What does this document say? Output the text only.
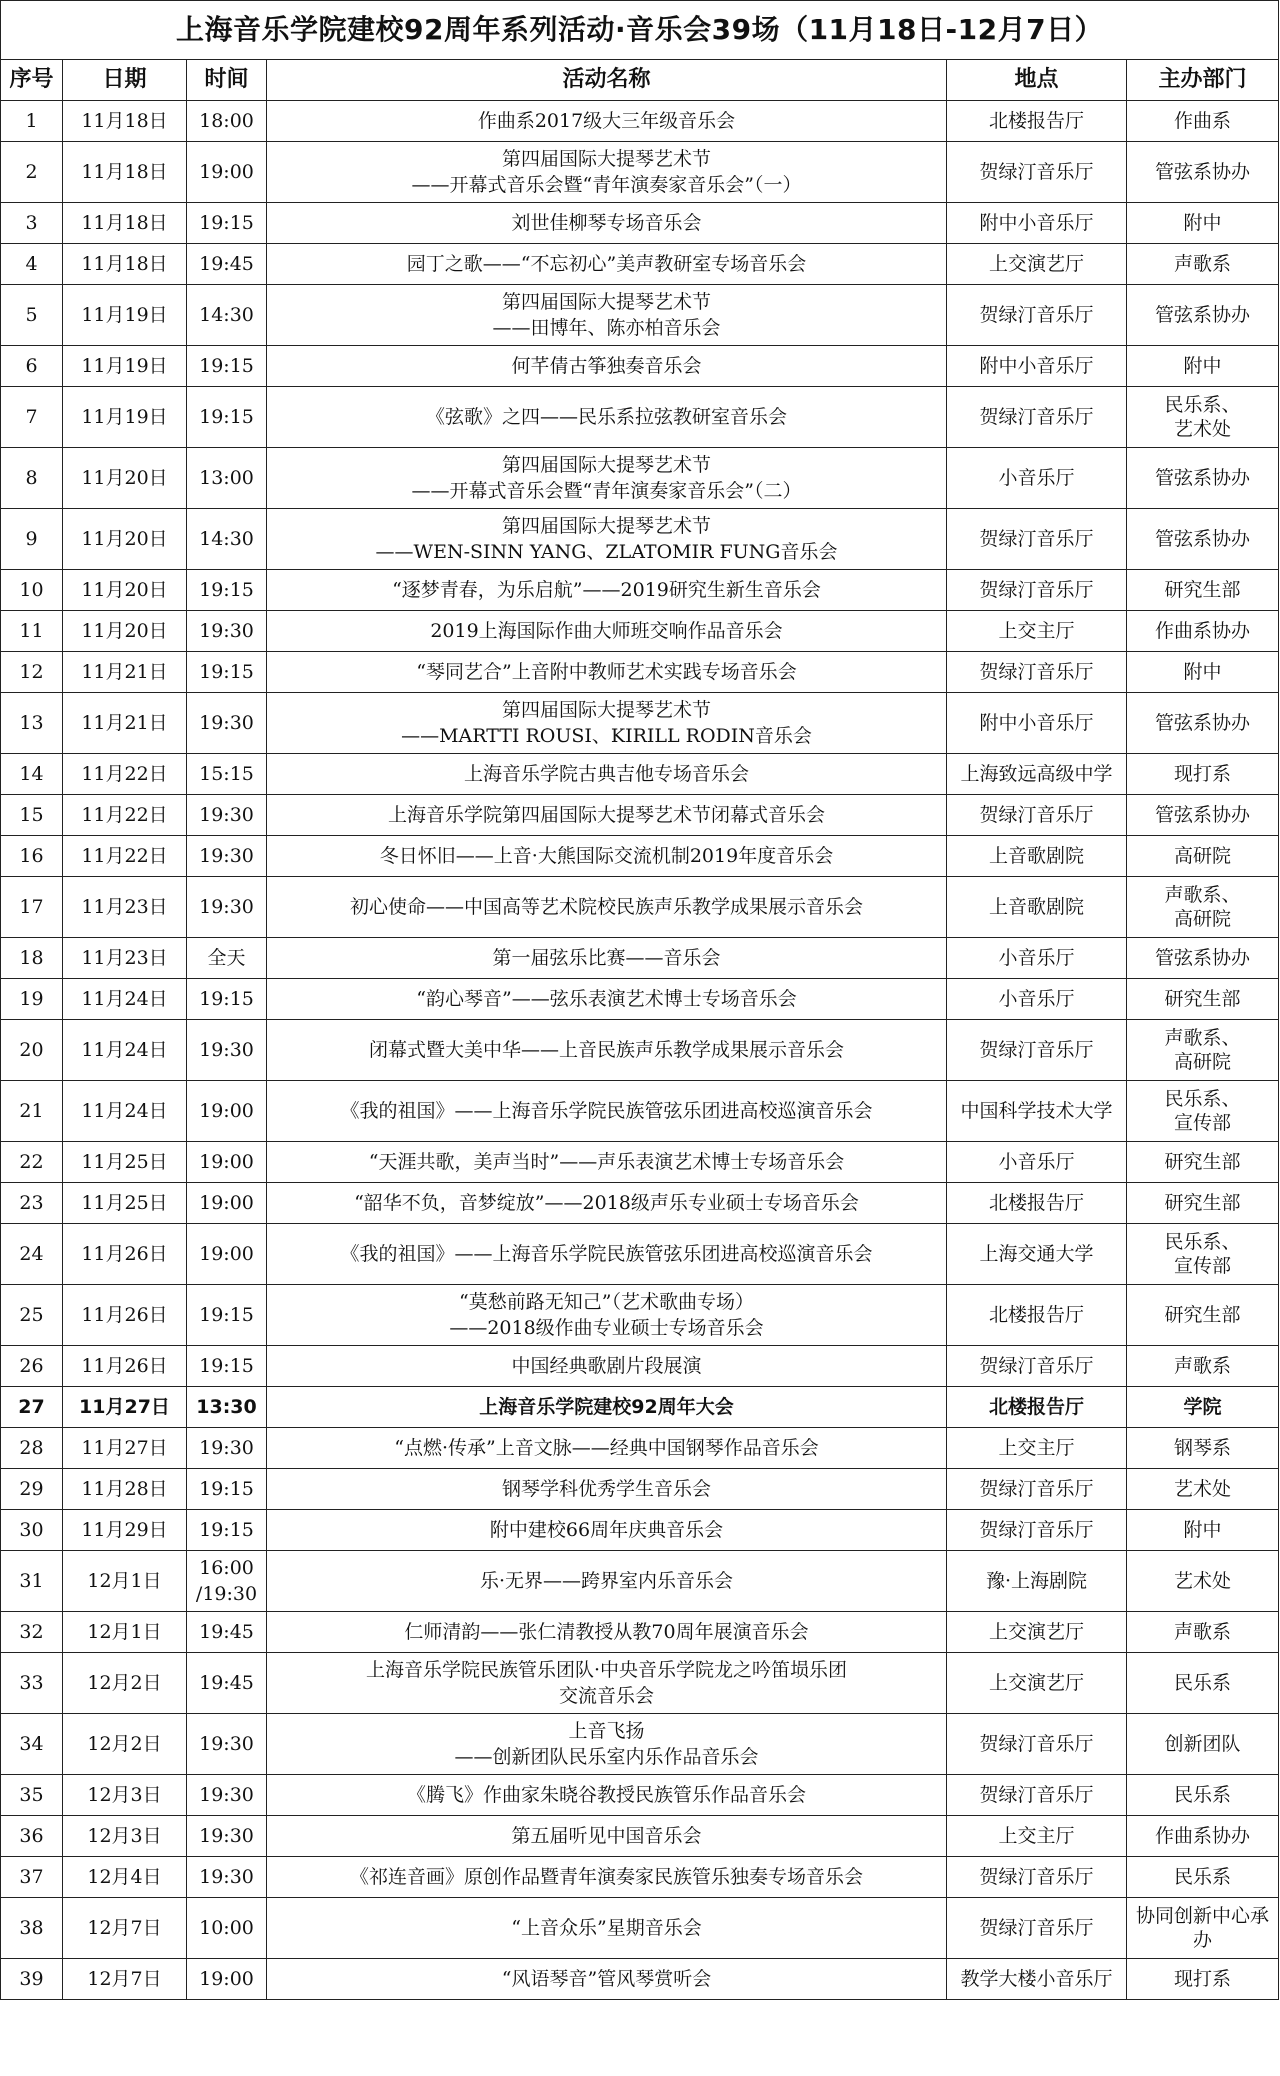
上海音乐学院建校92周年系列活动·音乐会39场（11月18日-12月7日）					
序号	日期	时间	活动名称	地点	主办部门
1	11月18日	18:00	作曲系2017级大三年级音乐会	北楼报告厅	作曲系

2	11月18日	19:00	第四届国际大提琴艺术节
——开幕式音乐会暨“青年演奏家音乐会”（一）	贺绿汀音乐厅	管弦系协办

3	11月18日	19:15	刘世佳柳琴专场音乐会	附中小音乐厅	附中

4	11月18日	19:45	园丁之歌——“不忘初心”美声教研室专场音乐会	上交演艺厅	声歌系

5	11月19日	14:30	第四届国际大提琴艺术节
——田博年、陈亦柏音乐会	贺绿汀音乐厅	管弦系协办

6	11月19日	19:15	何芊倩古筝独奏音乐会	附中小音乐厅	附中

7	11月19日	19:15	《弦歌》之四——民乐系拉弦教研室音乐会	贺绿汀音乐厅	民乐系、
艺术处

8	11月20日	13:00	第四届国际大提琴艺术节
——开幕式音乐会暨“青年演奏家音乐会”（二）	小音乐厅	管弦系协办

9	11月20日	14:30	第四届国际大提琴艺术节
——WEN-SINN YANG、ZLATOMIR FUNG音乐会	贺绿汀音乐厅	管弦系协办

10	11月20日	19:15	“逐梦青春，为乐启航”——2019研究生新生音乐会	贺绿汀音乐厅	研究生部

11	11月20日	19:30	2019上海国际作曲大师班交响作品音乐会	上交主厅	作曲系协办

12	11月21日	19:15	“琴同艺合”上音附中教师艺术实践专场音乐会	贺绿汀音乐厅	附中

13	11月21日	19:30	第四届国际大提琴艺术节
——MARTTI ROUSI、KIRILL RODIN音乐会	附中小音乐厅	管弦系协办

14	11月22日	15:15	上海音乐学院古典吉他专场音乐会	上海致远高级中学	现打系

15	11月22日	19:30	上海音乐学院第四届国际大提琴艺术节闭幕式音乐会	贺绿汀音乐厅	管弦系协办

16	11月22日	19:30	冬日怀旧——上音·大熊国际交流机制2019年度音乐会	上音歌剧院	高研院

17	11月23日	19:30	初心使命——中国高等艺术院校民族声乐教学成果展示音乐会	上音歌剧院	声歌系、
高研院

18	11月23日	全天	第一届弦乐比赛——音乐会	小音乐厅	管弦系协办

19	11月24日	19:15	“韵心琴音”——弦乐表演艺术博士专场音乐会	小音乐厅	研究生部

20	11月24日	19:30	闭幕式暨大美中华——上音民族声乐教学成果展示音乐会	贺绿汀音乐厅	声歌系、
高研院

21	11月24日	19:00	《我的祖国》——上海音乐学院民族管弦乐团进高校巡演音乐会	中国科学技术大学	民乐系、
宣传部

22	11月25日	19:00	“天涯共歌，美声当时”——声乐表演艺术博士专场音乐会	小音乐厅	研究生部

23	11月25日	19:00	“韶华不负，音梦绽放”——2018级声乐专业硕士专场音乐会	北楼报告厅	研究生部

24	11月26日	19:00	《我的祖国》——上海音乐学院民族管弦乐团进高校巡演音乐会	上海交通大学	民乐系、
宣传部

25	11月26日	19:15	“莫愁前路无知己”（艺术歌曲专场）
——2018级作曲专业硕士专场音乐会	北楼报告厅	研究生部

26	11月26日	19:15	中国经典歌剧片段展演	贺绿汀音乐厅	声歌系

27	11月27日	13:30	上海音乐学院建校92周年大会	北楼报告厅	学院

28	11月27日	19:30	“点燃·传承”上音文脉——经典中国钢琴作品音乐会	上交主厅	钢琴系

29	11月28日	19:15	钢琴学科优秀学生音乐会	贺绿汀音乐厅	艺术处

30	11月29日	19:15	附中建校66周年庆典音乐会	贺绿汀音乐厅	附中

31	12月1日	16:00
/19:30	乐·无界——跨界室内乐音乐会	豫·上海剧院	艺术处

32	12月1日	19:45	仁师清韵——张仁清教授从教70周年展演音乐会	上交演艺厅	声歌系

33	12月2日	19:45	上海音乐学院民族管乐团队·中央音乐学院龙之吟笛埙乐团
交流音乐会	上交演艺厅	民乐系

34	12月2日	19:30	上音飞扬
——创新团队民乐室内乐作品音乐会	贺绿汀音乐厅	创新团队

35	12月3日	19:30	《腾飞》作曲家朱晓谷教授民族管乐作品音乐会	贺绿汀音乐厅	民乐系

36	12月3日	19:30	第五届听见中国音乐会	上交主厅	作曲系协办

37	12月4日	19:30	《祁连音画》原创作品暨青年演奏家民族管乐独奏专场音乐会	贺绿汀音乐厅	民乐系

38	12月7日	10:00	“上音众乐”星期音乐会	贺绿汀音乐厅	协同创新中心承
办

39	12月7日	19:00	“风语琴音”管风琴赏听会	教学大楼小音乐厅	现打系
